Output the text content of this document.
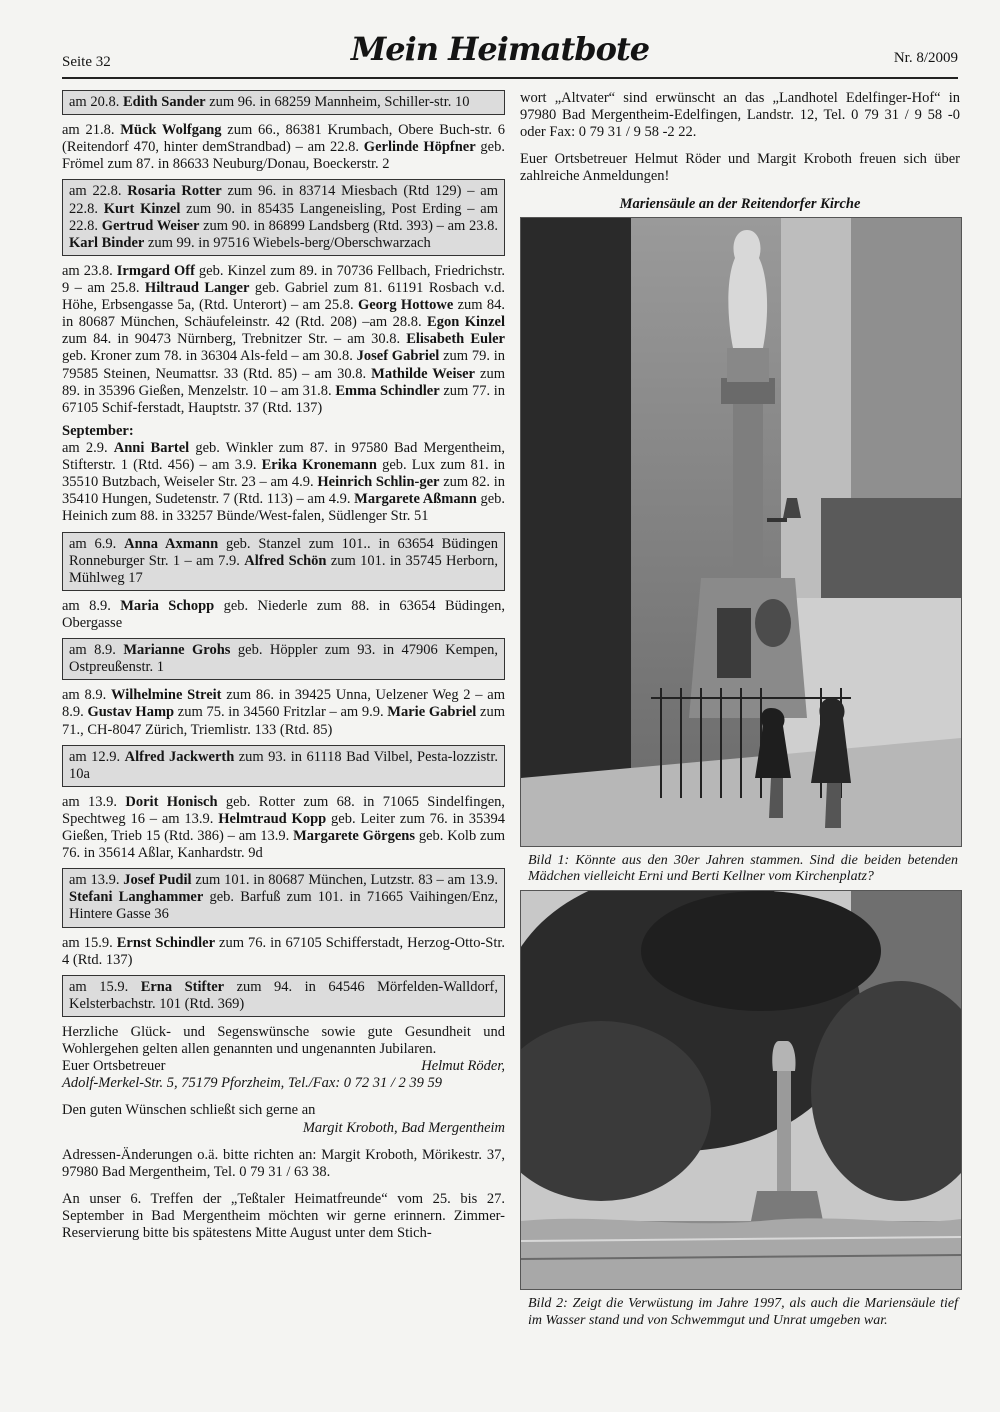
Seite 32	Mein Heimatbote	Nr. 8/2009

am 20.8. Edith Sander zum 96. in 68259 Mannheim, Schiller-str. 10

am 21.8. Mück Wolfgang zum 66., 86381 Krumbach, Obere Buch-str. 6 (Reitendorf 470, hinter demStrandbad) – am 22.8. Gerlinde Höpfner geb. Frömel zum 87. in 86633 Neuburg/Donau, Boeckerstr. 2

am 22.8. Rosaria Rotter zum 96. in 83714 Miesbach (Rtd 129) – am 22.8. Kurt Kinzel zum 90. in 85435 Langeneisling, Post Erding – am 22.8. Gertrud Weiser zum 90. in 86899 Landsberg (Rtd. 393) – am 23.8. Karl Binder zum 99. in 97516 Wiebels-berg/Oberschwarzach

am 23.8. Irmgard Off geb. Kinzel zum 89. in 70736 Fellbach, Friedrichstr. 9 – am 25.8. Hiltraud Langer geb. Gabriel zum 81. 61191 Rosbach v.d. Höhe, Erbsengasse 5a, (Rtd. Unterort) – am 25.8. Georg Hottowe zum 84. in 80687 München, Schäufeleinstr. 42 (Rtd. 208) –am 28.8. Egon Kinzel zum 84. in 90473 Nürnberg, Trebnitzer Str. – am 30.8. Elisabeth Euler geb. Kroner zum 78. in 36304 Als-feld – am 30.8. Josef Gabriel zum 79. in 79585 Steinen, Neumattsr. 33 (Rtd. 85) – am 30.8. Mathilde Weiser zum 89. in 35396 Gießen, Menzelstr. 10 – am 31.8. Emma Schindler zum 77. in 67105 Schif-ferstadt, Hauptstr. 37 (Rtd. 137)

September:

am 2.9. Anni Bartel geb. Winkler zum 87. in 97580 Bad Mergentheim, Stifterstr. 1 (Rtd. 456) – am 3.9. Erika Kronemann geb. Lux zum 81. in 35510 Butzbach, Weiseler Str. 23 – am 4.9. Heinrich Schlin-ger zum 82. in 35410 Hungen, Sudetenstr. 7 (Rtd. 113) – am 4.9. Margarete Aßmann geb. Heinich zum 88. in 33257 Bünde/West-falen, Südlenger Str. 51

am 6.9. Anna Axmann geb. Stanzel zum 101.. in 63654 Büdingen Ronneburger Str. 1 – am 7.9. Alfred Schön zum 101. in 35745 Herborn, Mühlweg 17

am 8.9. Maria Schopp geb. Niederle zum 88. in 63654 Büdingen, Obergasse

am 8.9. Marianne Grohs geb. Höppler zum 93. in 47906 Kempen, Ostpreußenstr. 1

am 8.9. Wilhelmine Streit zum 86. in 39425 Unna, Uelzener Weg 2 – am 8.9. Gustav Hamp zum 75. in 34560 Fritzlar – am 9.9. Marie Gabriel zum 71., CH-8047 Zürich, Triemlistr. 133 (Rtd. 85)

am 12.9. Alfred Jackwerth zum 93. in 61118 Bad Vilbel, Pesta-lozzistr. 10a

am 13.9. Dorit Honisch geb. Rotter zum 68. in 71065 Sindelfingen, Spechtweg 16 – am 13.9. Helmtraud Kopp geb. Leiter zum 76. in 35394 Gießen, Trieb 15 (Rtd. 386) – am 13.9. Margarete Görgens geb. Kolb zum 76. in 35614 Aßlar, Kanhardstr. 9d

am 13.9. Josef Pudil zum 101. in 80687 München, Lutzstr. 83 – am 13.9. Stefani Langhammer geb. Barfuß zum 101. in 71665 Vaihingen/Enz, Hintere Gasse 36

am 15.9. Ernst Schindler zum 76. in 67105 Schifferstadt, Herzog-Otto-Str. 4 (Rtd. 137)

am 15.9. Erna Stifter zum 94. in 64546 Mörfelden-Walldorf, Kelsterbachstr. 101 (Rtd. 369)

Herzliche Glück- und Segenswünsche sowie gute Gesundheit und Wohlergehen gelten allen genannten und ungenannten Jubilaren.

Euer Ortsbetreuer	Helmut Röder,
Adolf-Merkel-Str. 5, 75179 Pforzheim, Tel./Fax: 0 72 31 / 2 39 59
Den guten Wünschen schließt sich gerne an
Margit Kroboth, Bad Mergentheim

Adressen-Änderungen o.ä. bitte richten an: Margit Kroboth, Mörikestr. 37, 97980 Bad Mergentheim, Tel. 0 79 31 / 63 38.

An unser 6. Treffen der „Teßtaler Heimatfreunde“ vom 25. bis 27. September in Bad Mergentheim möchten wir gerne erinnern. Zimmer-Reservierung bitte bis spätestens Mitte August unter dem Stich-

wort „Altvater“ sind erwünscht an das „Landhotel Edelfinger-Hof“ in 97980 Bad Mergentheim-Edelfingen, Landstr. 12, Tel. 0 79 31 / 9 58 -0 oder Fax: 0 79 31 / 9 58 -2 22.

Euer Ortsbetreuer Helmut Röder und Margit Kroboth freuen sich über zahlreiche Anmeldungen!

Mariensäule an der Reitendorfer Kirche
Bild 1: Könnte aus den 30er Jahren stammen. Sind die beiden betenden Mädchen vielleicht Erni und Berti Kellner vom Kirchenplatz?
Bild 2: Zeigt die Verwüstung im Jahre 1997, als auch die Mariensäule tief im Wasser stand und von Schwemmgut und Unrat umgeben war.
